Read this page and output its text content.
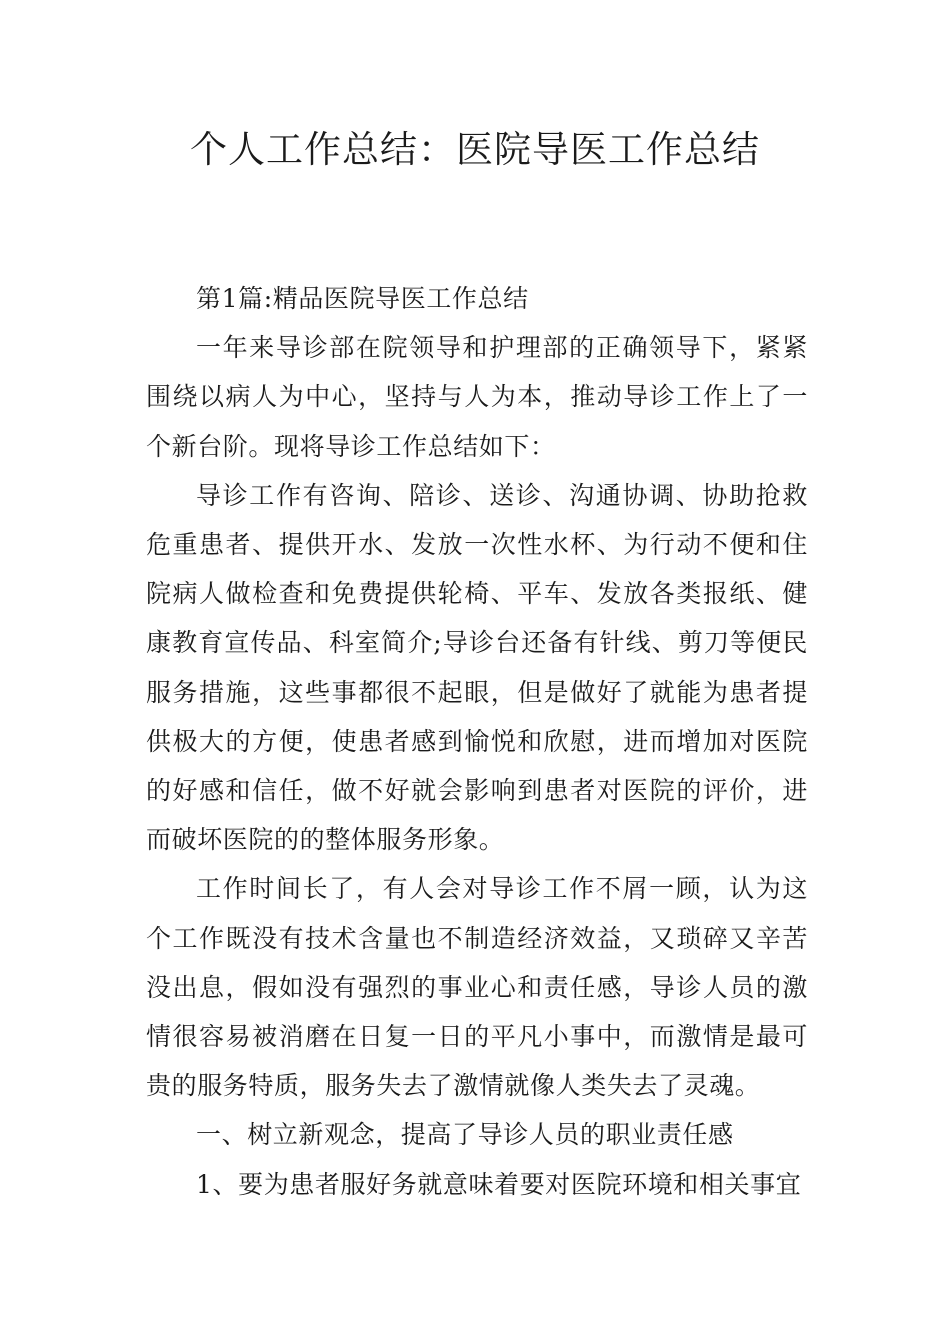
个人工作总结：医院导医工作总结

第1篇:精品医院导医工作总结

一年来导诊部在院领导和护理部的正确领导下，紧紧围绕以病人为中心，坚持与人为本，推动导诊工作上了一个新台阶。现将导诊工作总结如下：

导诊工作有咨询、陪诊、送诊、沟通协调、协助抢救危重患者、提供开水、发放一次性水杯、为行动不便和住院病人做检查和免费提供轮椅、平车、发放各类报纸、健康教育宣传品、科室简介;导诊台还备有针线、剪刀等便民服务措施，这些事都很不起眼，但是做好了就能为患者提供极大的方便，使患者感到愉悦和欣慰，进而增加对医院的好感和信任，做不好就会影响到患者对医院的评价，进而破坏医院的的整体服务形象。

工作时间长了，有人会对导诊工作不屑一顾，认为这个工作既没有技术含量也不制造经济效益，又琐碎又辛苦没出息，假如没有强烈的事业心和责任感，导诊人员的激情很容易被消磨在日复一日的平凡小事中，而激情是最可贵的服务特质，服务失去了激情就像人类失去了灵魂。

一、树立新观念，提高了导诊人员的职业责任感

1、要为患者服好务就意味着要对医院环境和相关事宜
